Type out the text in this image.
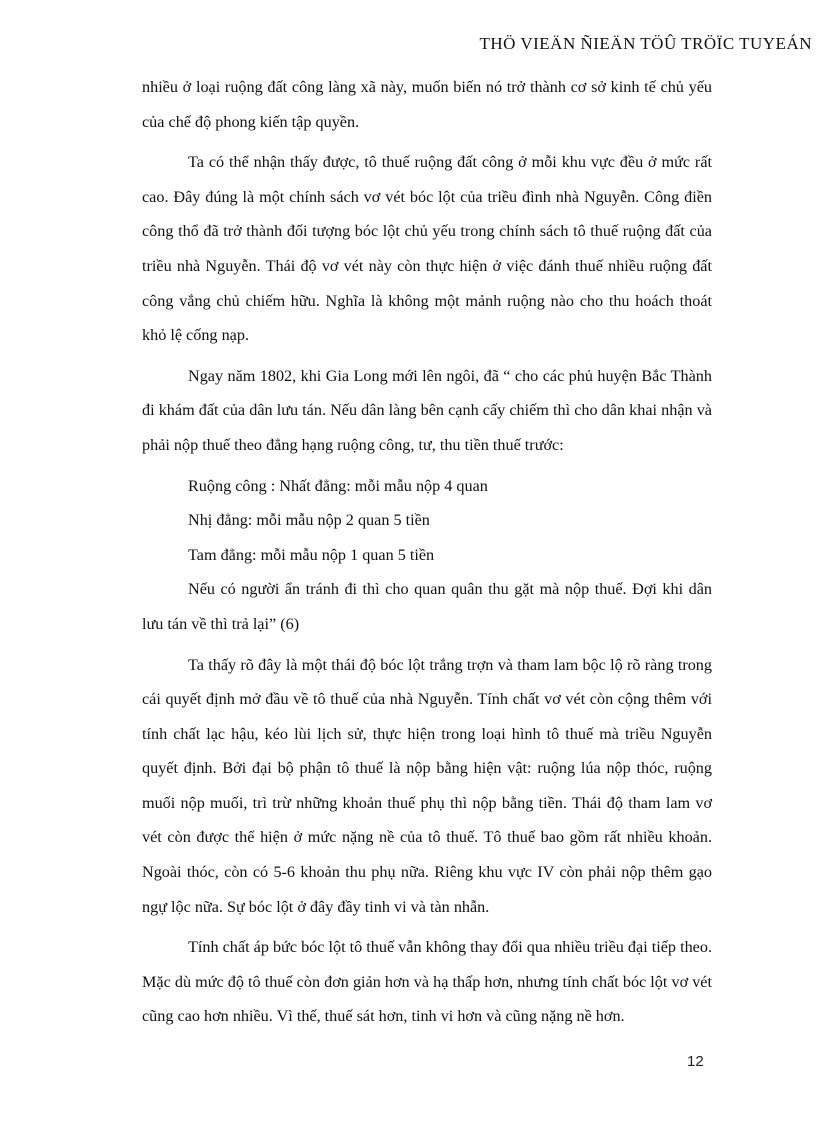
THÖ VIEÄN ÑIEÄN TÖÛ TRÖÏC TUYEÁN

nhiều ở loại ruộng đất công làng xã này, muốn biến nó trở thành cơ sở kinh tế chủ yếu của chế độ phong kiến tập quyền.

Ta có thể nhận thấy được, tô thuế ruộng đất công ở mỗi khu vực đều ở mức rất cao. Đây đúng là một chính sách vơ vét bóc lột của triều đình nhà Nguyễn. Công điền công thổ đã trở thành đối tượng bóc lột chủ yếu trong chính sách tô thuế ruộng đất của triều nhà Nguyễn. Thái độ vơ vét này còn thực hiện ở việc đánh thuế nhiều ruộng đất công vắng chủ chiếm hữu. Nghĩa là không một mảnh ruộng nào cho thu hoách thoát khỏ lệ cống nạp.

Ngay năm 1802, khi Gia Long mới lên ngôi, đã “ cho các phủ huyện Bắc Thành đi khám đất của dân lưu tán. Nếu dân làng bên cạnh cấy chiếm thì cho dân khai nhận và phải nộp thuế theo đẳng hạng ruộng công, tư, thu tiền thuế trước:

Ruộng công : Nhất đẳng: mỗi mẫu nộp 4 quan

Nhị đẳng: mỗi mẫu nộp 2 quan 5 tiền

Tam đẳng: mỗi mẫu nộp 1 quan 5 tiền

Nếu có người ẩn tránh đi thì cho quan quân thu gặt mà nộp thuế. Đợi khi dân lưu tán về thì trả lại” (6)

Ta thấy rõ đây là một thái độ bóc lột trắng trợn và tham lam bộc lộ rõ ràng trong cái quyết định mở đầu về tô thuế của nhà Nguyễn. Tính chất vơ vét còn cộng thêm với tính chất lạc hậu, kéo lùi lịch sử, thực hiện trong loại hình tô thuế mà triều Nguyễn quyết định. Bởi đại bộ phận tô thuế là nộp bằng hiện vật: ruộng lúa nộp thóc, ruộng muối nộp muối, trì trừ những khoản thuế phụ thì nộp bằng tiền. Thái độ tham lam vơ vét còn được thể hiện ở mức nặng nề của tô thuế. Tô thuế bao gồm rất nhiều khoản. Ngoài thóc, còn có 5-6 khoản thu phụ nữa. Riêng khu vực IV còn phải nộp thêm gạo ngự lộc nữa. Sự bóc lột ở đây đầy tinh vi và tàn nhẫn.

Tính chất áp bức bóc lột tô thuế vẫn không thay đổi qua nhiều triều đại tiếp theo. Mặc dù mức độ tô thuế còn đơn giản hơn và hạ thấp hơn, nhưng tính chất bóc lột vơ vét cũng cao hơn nhiều. Vì thế, thuế sát hơn, tinh vi hơn và cũng nặng nề hơn.

12
